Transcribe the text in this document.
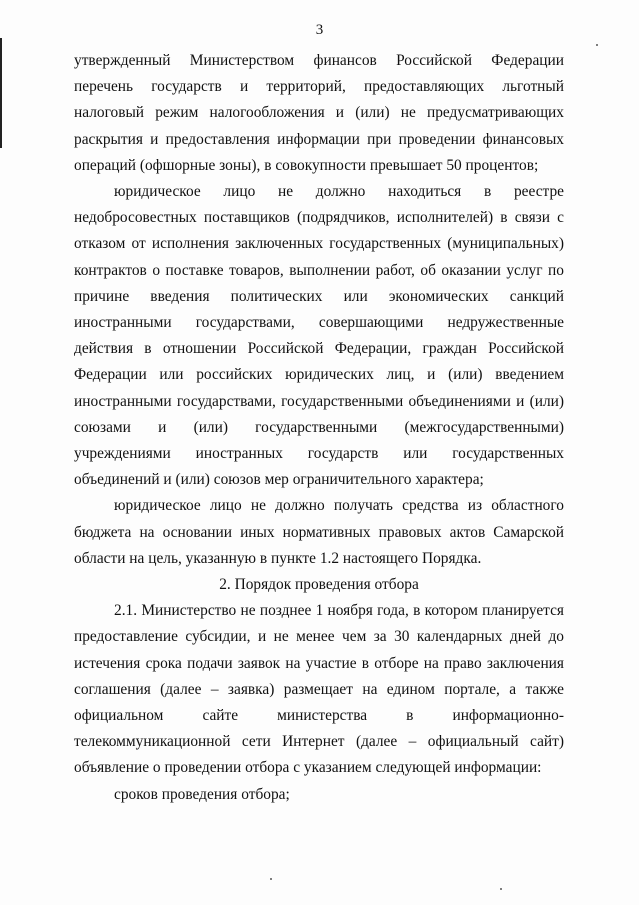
3

утвержденный Министерством финансов Российской Федерации перечень государств и территорий, предоставляющих льготный налоговый режим налогообложения и (или) не предусматривающих раскрытия и предоставления информации при проведении финансовых операций (офшорные зоны), в совокупности превышает 50 процентов;

юридическое лицо не должно находиться в реестре недобросовестных поставщиков (подрядчиков, исполнителей) в связи с отказом от исполнения заключенных государственных (муниципальных) контрактов о поставке товаров, выполнении работ, об оказании услуг по причине введения политических или экономических санкций иностранными государствами, совершающими недружественные действия в отношении Российской Федерации, граждан Российской Федерации или российских юридических лиц, и (или) введением иностранными государствами, государственными объединениями и (или) союзами и (или) государственными (межгосударственными) учреждениями иностранных государств или государственных объединений и (или) союзов мер ограничительного характера;

юридическое лицо не должно получать средства из областного бюджета на основании иных нормативных правовых актов Самарской области на цель, указанную в пункте 1.2 настоящего Порядка.

2. Порядок проведения отбора

2.1. Министерство не позднее 1 ноября года, в котором планируется предоставление субсидии, и не менее чем за 30 календарных дней до истечения срока подачи заявок на участие в отборе на право заключения соглашения (далее – заявка) размещает на едином портале, а также официальном сайте министерства в информационно-телекоммуникационной сети Интернет (далее – официальный сайт) объявление о проведении отбора с указанием следующей информации:

сроков проведения отбора;
